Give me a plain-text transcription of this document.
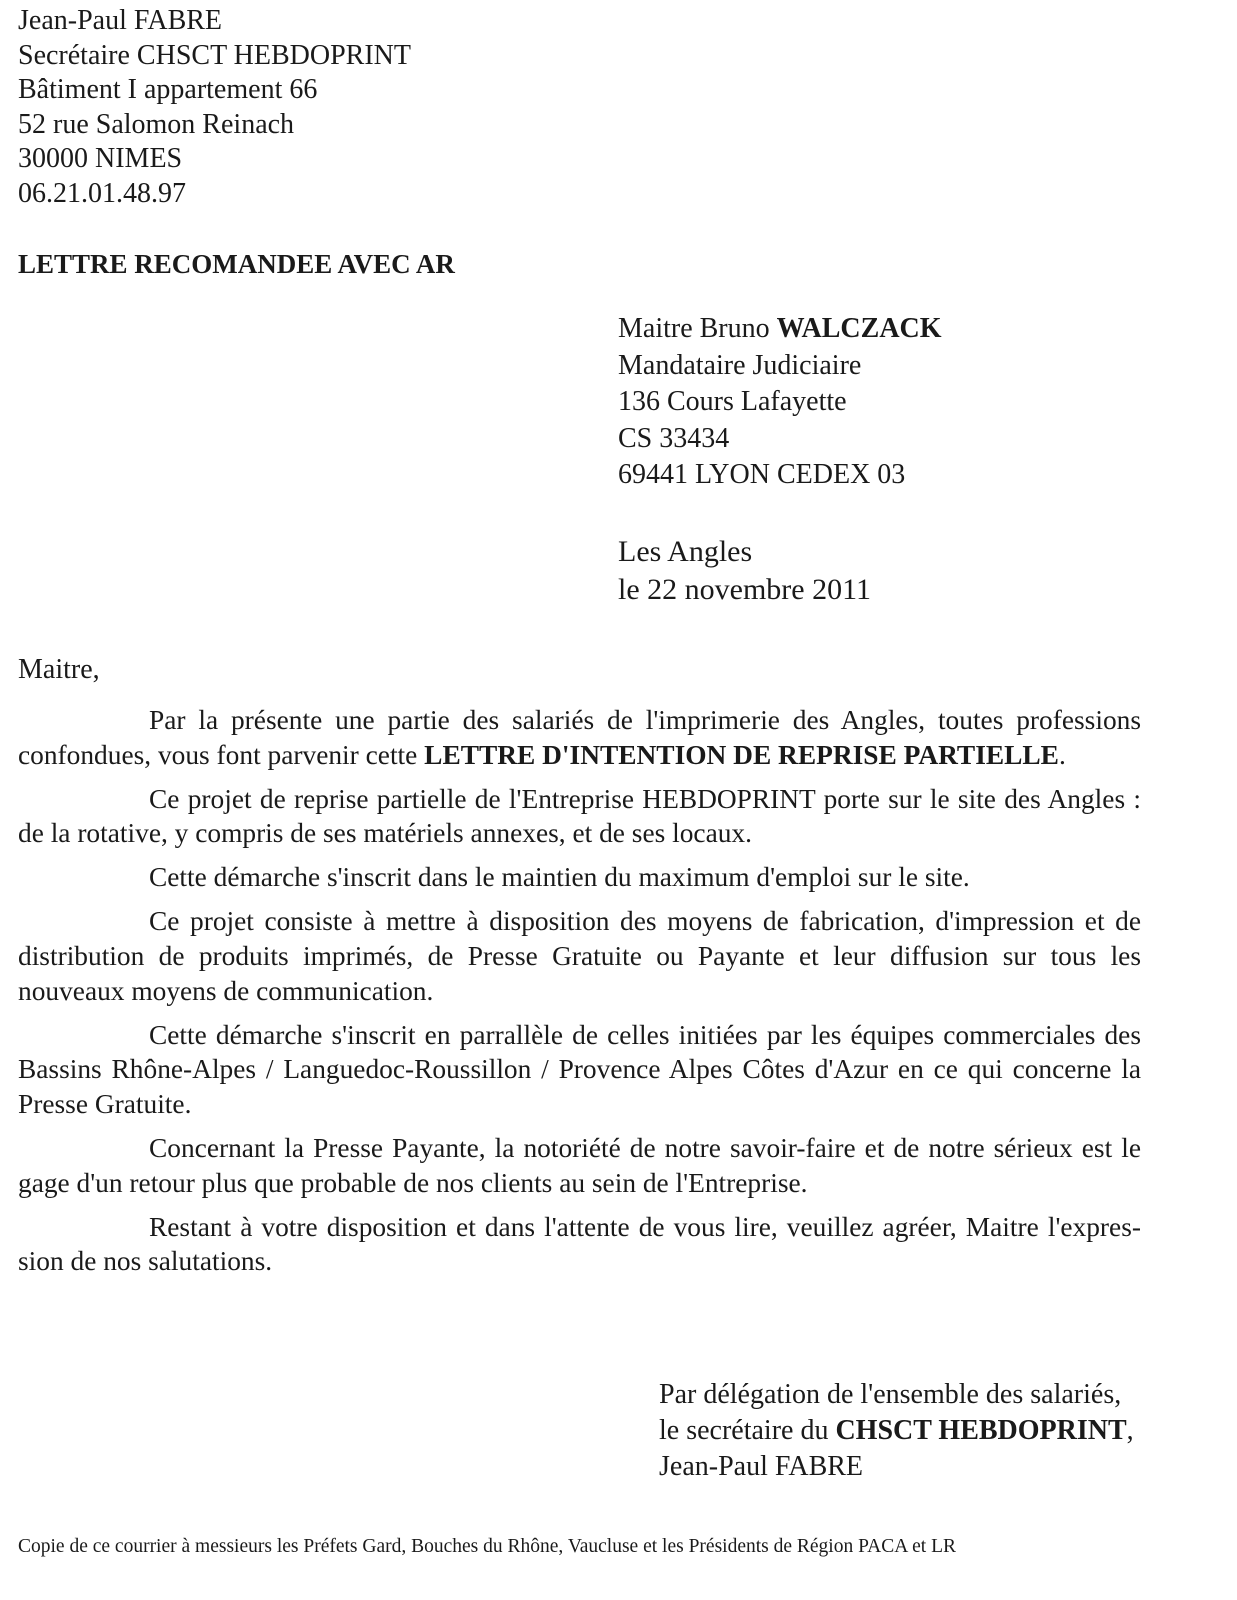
Jean-Paul FABRE
Secrétaire CHSCT HEBDOPRINT
Bâtiment I appartement 66
52 rue Salomon Reinach
30000 NIMES
06.21.01.48.97
LETTRE RECOMANDEE AVEC AR
Maitre Bruno WALCZACK
Mandataire Judiciaire
136 Cours Lafayette
CS 33434
69441 LYON CEDEX 03
Les Angles
le 22 novembre 2011
Maitre,

Par la présente une partie des salariés de l'imprimerie des Angles, toutes professions confondues, vous font parvenir cette LETTRE D'INTENTION DE REPRISE PARTIELLE.

Ce projet de reprise partielle de l'Entreprise HEBDOPRINT porte sur le site des Angles : de la rotative, y compris de ses matériels annexes, et de ses locaux.

Cette démarche s'inscrit dans le maintien du maximum d'emploi sur le site.

Ce projet consiste à mettre à disposition des moyens de fabrication, d'impression et de distribution de produits imprimés, de Presse Gratuite ou Payante et leur diffusion sur tous les nouveaux moyens de communication.

Cette démarche s'inscrit en parrallèle de celles initiées par les équipes commerciales des Bassins Rhône-Alpes / Languedoc-Roussillon / Provence Alpes Côtes d'Azur en ce qui concerne la Presse Gratuite.

Concernant la Presse Payante, la notoriété de notre savoir-faire et de notre sérieux est le gage d'un retour plus que probable de nos clients au sein de l'Entreprise.

Restant à votre disposition et dans l'attente de vous lire, veuillez agréer, Maitre l'expression de nos salutations.

Par délégation de l'ensemble des salariés,
le secrétaire du CHSCT HEBDOPRINT,
Jean-Paul FABRE
Copie de ce courrier à messieurs les Préfets Gard, Bouches du Rhône, Vaucluse et les Présidents de Région PACA et LR
